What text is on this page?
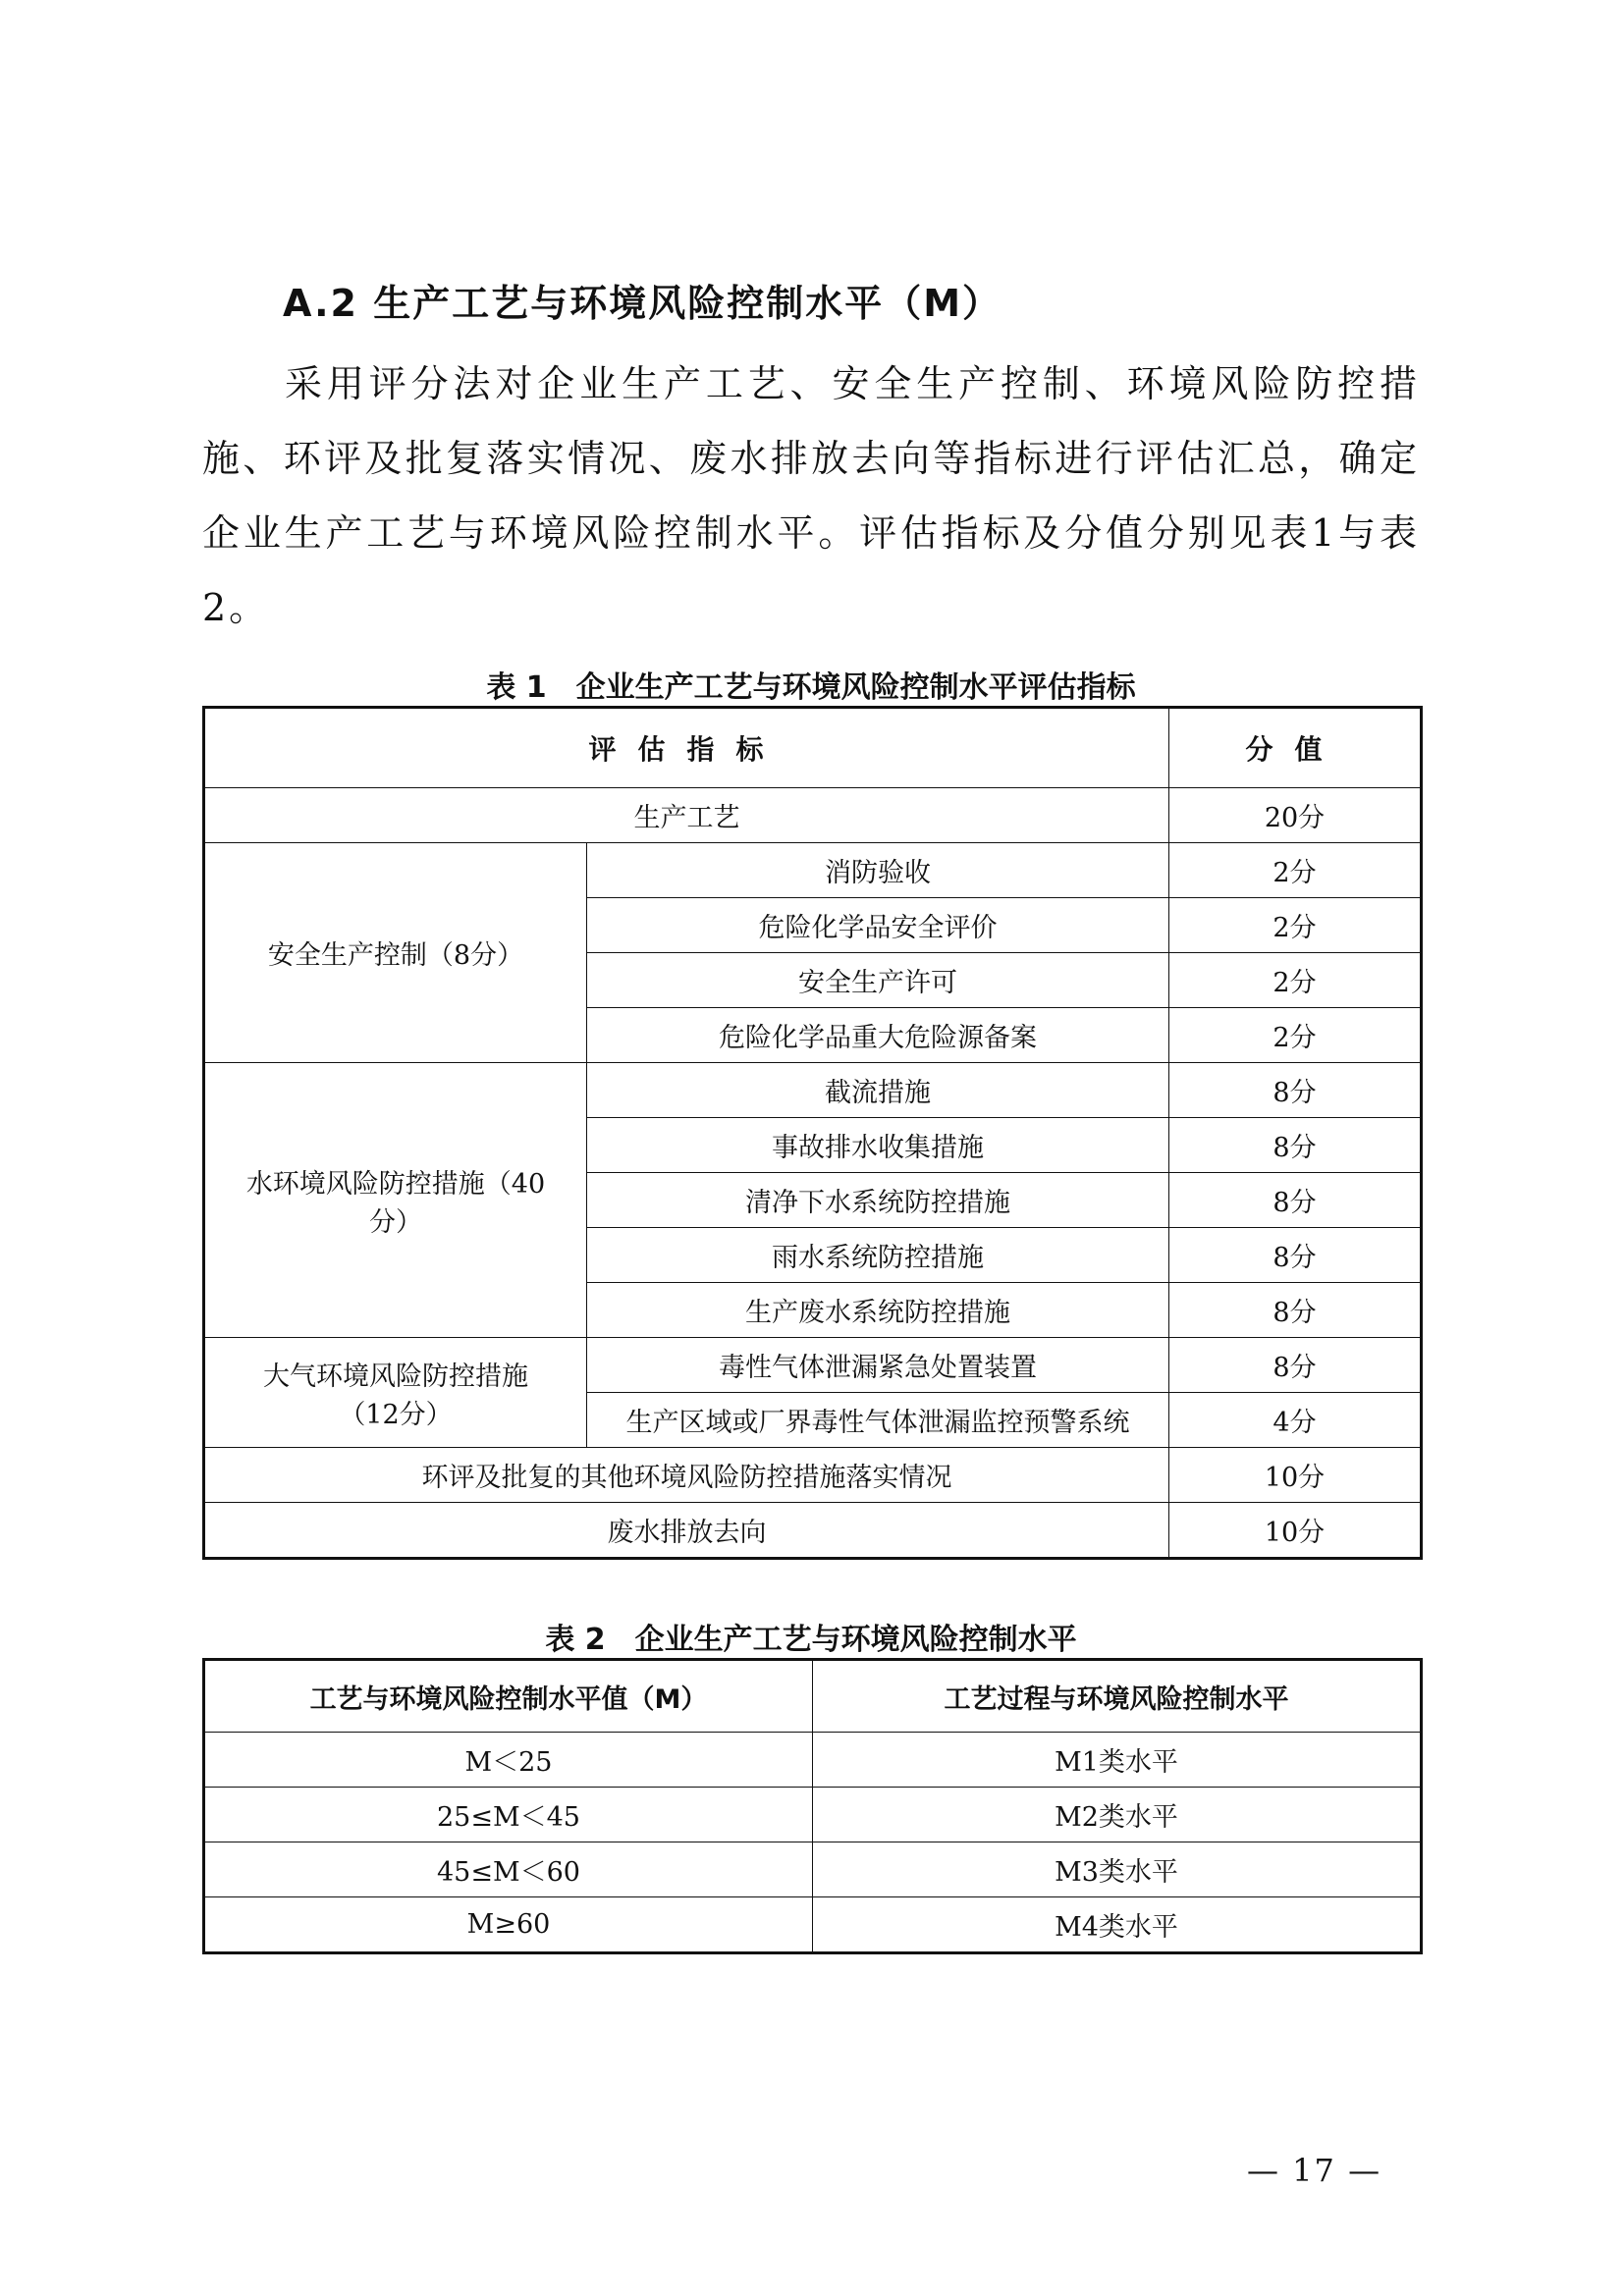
A.2 生产工艺与环境风险控制水平（M）

采用评分法对企业生产工艺、安全生产控制、环境风险防控措施、环评及批复落实情况、废水排放去向等指标进行评估汇总，确定企业生产工艺与环境风险控制水平。评估指标及分值分别见表1与表2。

表 1　企业生产工艺与环境风险控制水平评估指标
评估指标		分值
生产工艺		20分
安全生产控制（8分）	消防验收	2分
	危险化学品安全评价	2分
	安全生产许可	2分
	危险化学品重大危险源备案	2分
水环境风险防控措施（40分）	截流措施	8分
	事故排水收集措施	8分
	清净下水系统防控措施	8分
	雨水系统防控措施	8分
	生产废水系统防控措施	8分
大气环境风险防控措施（12分）	毒性气体泄漏紧急处置装置	8分
	生产区域或厂界毒性气体泄漏监控预警系统	4分
环评及批复的其他环境风险防控措施落实情况		10分
废水排放去向		10分
表 2　企业生产工艺与环境风险控制水平
工艺与环境风险控制水平值（M）	工艺过程与环境风险控制水平
M＜25	M1类水平
25≤M＜45	M2类水平
45≤M＜60	M3类水平
M≥60	M4类水平
— 17 —
